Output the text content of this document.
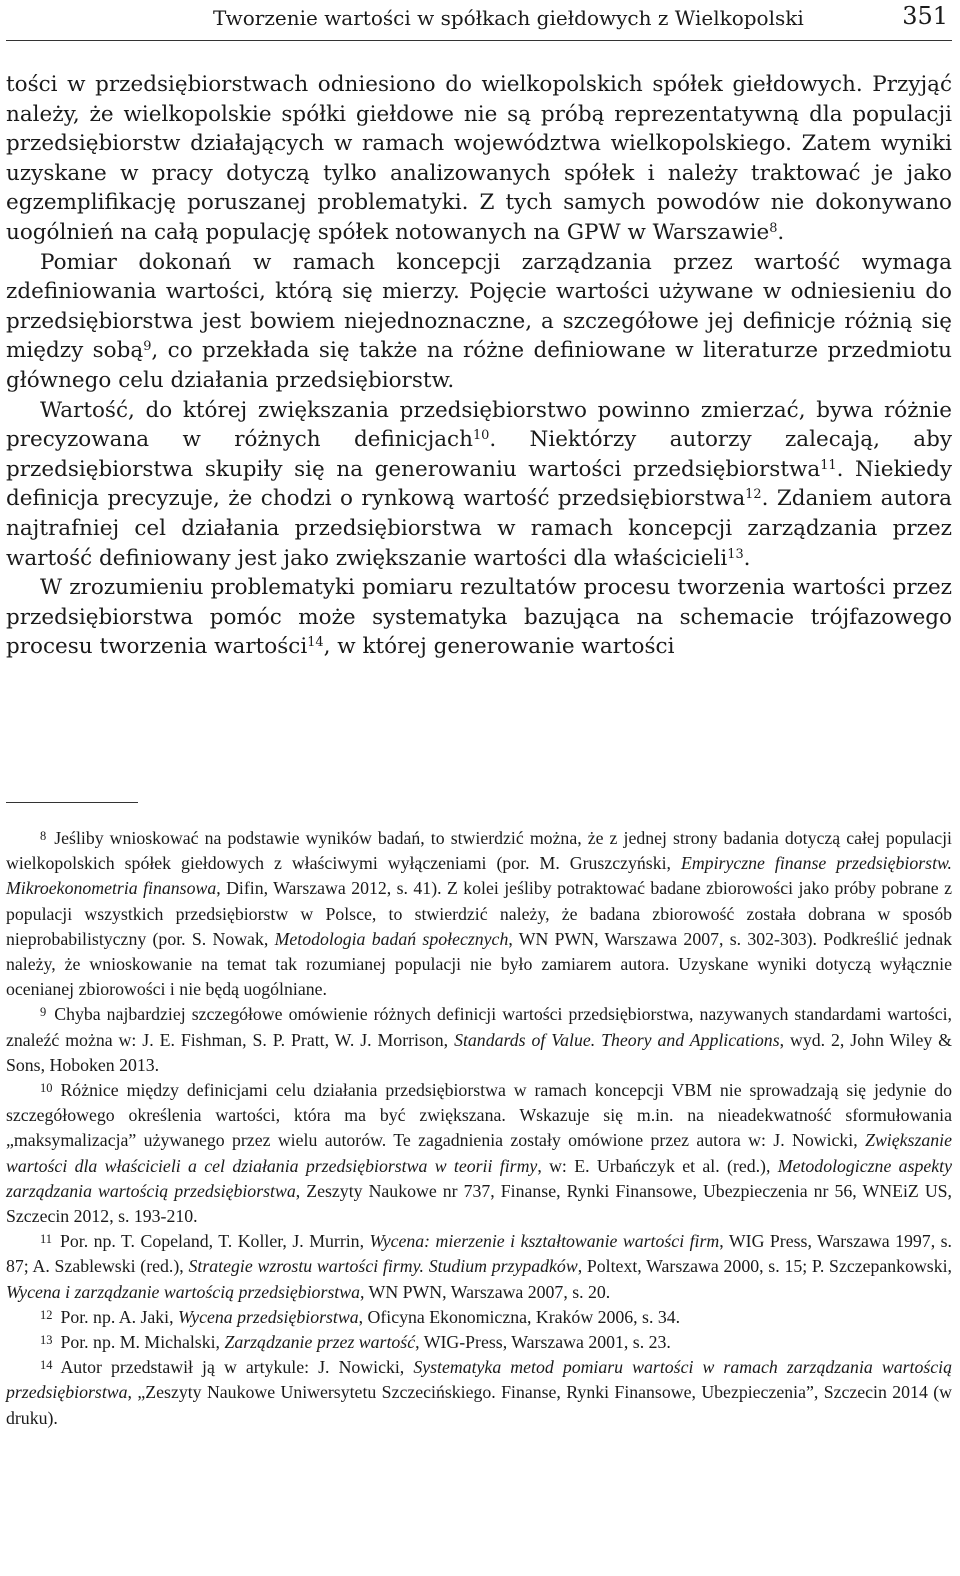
Tworzenie wartości w spółkach giełdowych z Wielkopolski	351

tości w przedsiębiorstwach odniesiono do wielkopolskich spółek giełdowych. Przyjąć należy, że wielkopolskie spółki giełdowe nie są próbą reprezentatywną dla populacji przedsiębiorstw działających w ramach województwa wielkopolskiego. Zatem wyniki uzyskane w pracy dotyczą tylko analizowanych spółek i należy traktować je jako egzemplifikację poruszanej problematyki. Z tych samych powodów nie dokonywano uogólnień na całą populację spółek notowanych na GPW w Warszawie$^8$.

Pomiar dokonań w ramach koncepcji zarządzania przez wartość wymaga zdefiniowania wartości, którą się mierzy. Pojęcie wartości używane w odniesieniu do przedsiębiorstwa jest bowiem niejednoznaczne, a szczegółowe jej definicje różnią się między sobą$^9$, co przekłada się także na różne definiowane w literaturze przedmiotu głównego celu działania przedsiębiorstw.

Wartość, do której zwiększania przedsiębiorstwo powinno zmierzać, bywa różnie precyzowana w różnych definicjach$^{10}$. Niektórzy autorzy zalecają, aby przedsiębiorstwa skupiły się na generowaniu wartości przedsiębiorstwa$^{11}$. Niekiedy definicja precyzuje, że chodzi o rynkową wartość przedsiębiorstwa$^{12}$. Zdaniem autora najtrafniej cel działania przedsiębiorstwa w ramach koncepcji zarządzania przez wartość definiowany jest jako zwiększanie wartości dla właścicieli$^{13}$.

W zrozumieniu problematyki pomiaru rezultatów procesu tworzenia wartości przez przedsiębiorstwa pomóc może systematyka bazująca na schemacie trójfazowego procesu tworzenia wartości$^{14}$, w której generowanie wartości

$^8$ Jeśliby wnioskować na podstawie wyników badań, to stwierdzić można, że z jednej strony badania dotyczą całej populacji wielkopolskich spółek giełdowych z właściwymi wyłączeniami (por. M. Gruszczyński, Empiryczne finanse przedsiębiorstw. Mikroekonometria finansowa, Difin, Warszawa 2012, s. 41). Z kolei jeśliby potraktować badane zbiorowości jako próby pobrane z populacji wszystkich przedsiębiorstw w Polsce, to stwierdzić należy, że badana zbiorowość została dobrana w sposób nieprobabilistyczny (por. S. Nowak, Metodologia badań społecznych, WN PWN, Warszawa 2007, s. 302-303). Podkreślić jednak należy, że wnioskowanie na temat tak rozumianej populacji nie było zamiarem autora. Uzyskane wyniki dotyczą wyłącznie ocenianej zbiorowości i nie będą uogólniane.

$^9$ Chyba najbardziej szczegółowe omówienie różnych definicji wartości przedsiębiorstwa, nazywanych standardami wartości, znaleźć można w: J. E. Fishman, S. P. Pratt, W. J. Morrison, Standards of Value. Theory and Applications, wyd. 2, John Wiley & Sons, Hoboken 2013.

$^{10}$ Różnice między definicjami celu działania przedsiębiorstwa w ramach koncepcji VBM nie sprowadzają się jedynie do szczegółowego określenia wartości, która ma być zwiększana. Wskazuje się m.in. na nieadekwatność sformułowania „maksymalizacja” używanego przez wielu autorów. Te zagadnienia zostały omówione przez autora w: J. Nowicki, Zwiększanie wartości dla właścicieli a cel działania przedsiębiorstwa w teorii firmy, w: E. Urbańczyk et al. (red.), Metodologiczne aspekty zarządzania wartością przedsiębiorstwa, Zeszyty Naukowe nr 737, Finanse, Rynki Finansowe, Ubezpieczenia nr 56, WNEiZ US, Szczecin 2012, s. 193-210.

$^{11}$ Por. np. T. Copeland, T. Koller, J. Murrin, Wycena: mierzenie i kształtowanie wartości firm, WIG Press, Warszawa 1997, s. 87; A. Szablewski (red.), Strategie wzrostu wartości firmy. Studium przypadków, Poltext, Warszawa 2000, s. 15; P. Szczepankowski, Wycena i zarządzanie wartością przedsiębiorstwa, WN PWN, Warszawa 2007, s. 20.

$^{12}$ Por. np. A. Jaki, Wycena przedsiębiorstwa, Oficyna Ekonomiczna, Kraków 2006, s. 34.

$^{13}$ Por. np. M. Michalski, Zarządzanie przez wartość, WIG-Press, Warszawa 2001, s. 23.

$^{14}$ Autor przedstawił ją w artykule: J. Nowicki, Systematyka metod pomiaru wartości w ramach zarządzania wartością przedsiębiorstwa, „Zeszyty Naukowe Uniwersytetu Szczecińskiego. Finanse, Rynki Finansowe, Ubezpieczenia”, Szczecin 2014 (w druku).
